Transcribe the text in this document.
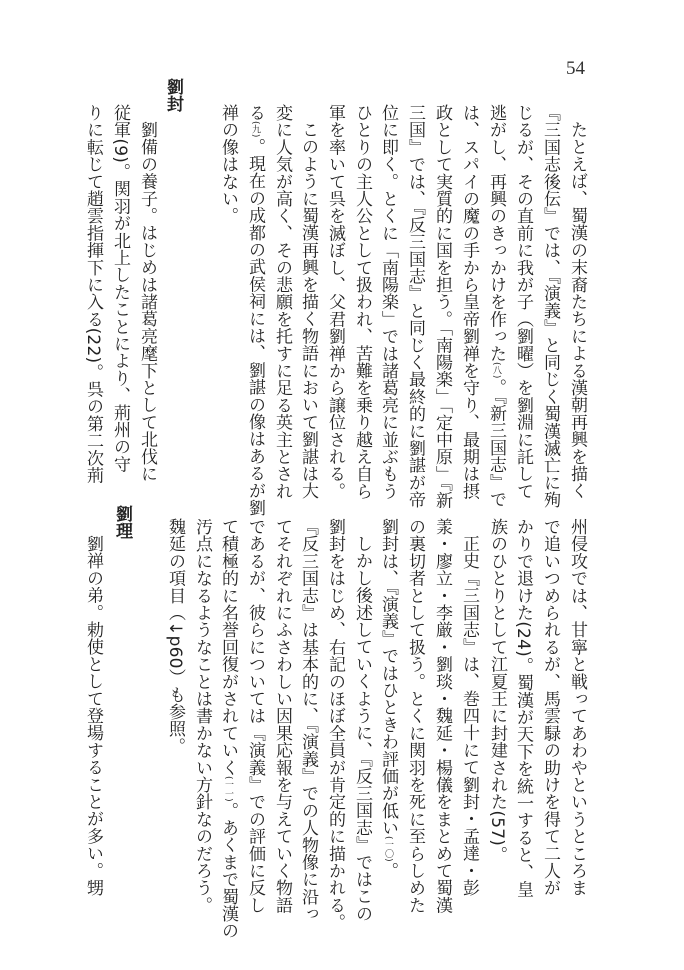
54
たとえば、蜀漢の末裔たちによる漢朝再興を描く
『三国志後伝』では、『演義』と同じく蜀漢滅亡に殉
じるが、その直前に我が子（劉曜）を劉淵に託して
逃がし、再興のきっかけを作った(八)。『新三国志』で
は、スパイの魔の手から皇帝劉禅を守り、最期は摂
政として実質的に国を担う。「南陽楽」「定中原」『新
三国』では、『反三国志』と同じく最終的に劉諶が帝
位に即く。とくに「南陽楽」では諸葛亮に並ぶもう
ひとりの主人公として扱われ、苦難を乗り越え自ら
軍を率いて呉を滅ぼし、父君劉禅から譲位される。
このように蜀漢再興を描く物語において劉諶は大
変に人気が高く、その悲願を托すに足る英主とされ
る(九)。現在の成都の武侯祠には、劉諶の像はあるが劉
禅の像はない。
劉封
劉備の養子。はじめは諸葛亮麾下として北伐に
従軍(9)。関羽が北上したことにより、荊州の守
りに転じて趙雲指揮下に入る(22)。呉の第二次荊
州侵攻では、甘寧と戦ってあわやというところま
で追いつめられるが、馬雲騄の助けを得て二人が
かりで退けた(24)。蜀漢が天下を統一すると、皇
族のひとりとして江夏王に封建された(57)。
正史『三国志』は、巻四十にて劉封・孟達・彭
羕・廖立・李厳・劉琰・魏延・楊儀をまとめて蜀漢
の裏切者として扱う。とくに関羽を死に至らしめた
劉封は、『演義』ではひときわ評価が低い(一〇)。
しかし後述していくように、『反三国志』ではこの
劉封をはじめ、右記のほぼ全員が肯定的に描かれる。
『反三国志』は基本的に、『演義』での人物像に沿っ
てそれぞれにふさわしい因果応報を与えていく物語
であるが、彼らについては『演義』での評価に反し
て積極的に名誉回復がされていく(一一)。あくまで蜀漢の
汚点になるようなことは書かない方針なのだろう。
魏延の項目（↓p60）も参照。
劉理
劉禅の弟。勅使として登場することが多い。甥
